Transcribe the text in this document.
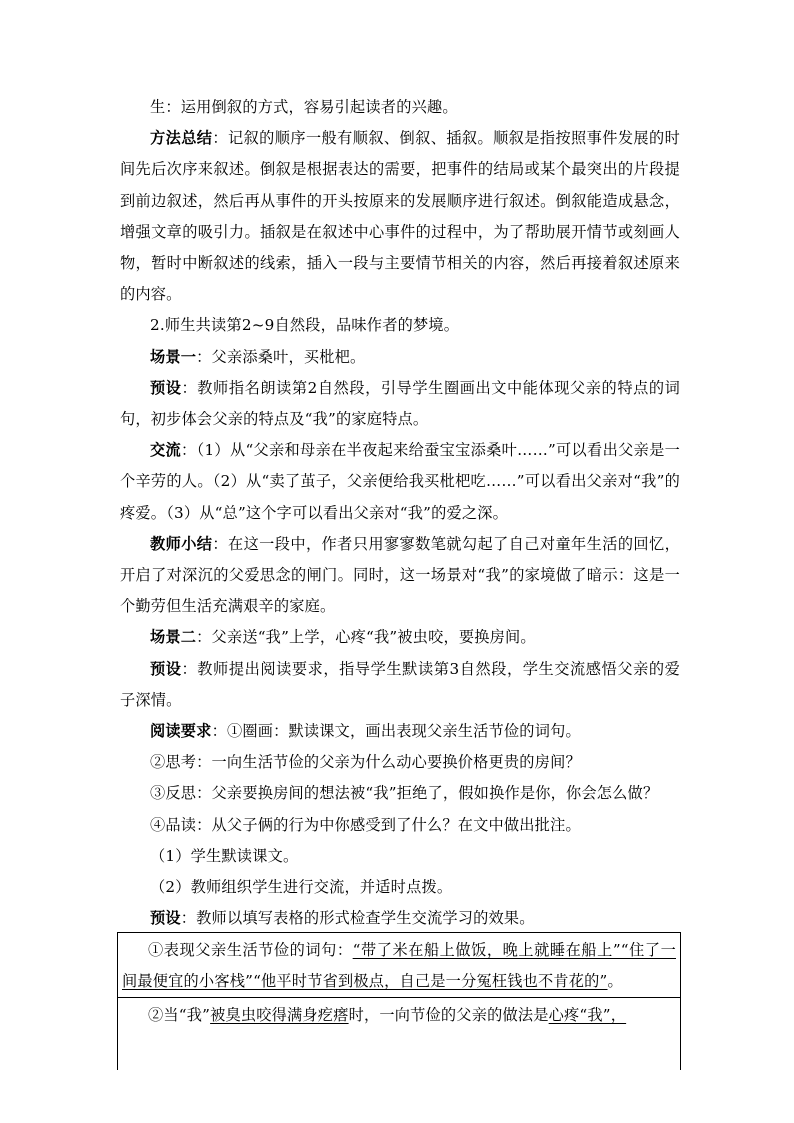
生：运用倒叙的方式，容易引起读者的兴趣。

方法总结：记叙的顺序一般有顺叙、倒叙、插叙。顺叙是指按照事件发展的时间先后次序来叙述。倒叙是根据表达的需要，把事件的结局或某个最突出的片段提到前边叙述，然后再从事件的开头按原来的发展顺序进行叙述。倒叙能造成悬念，增强文章的吸引力。插叙是在叙述中心事件的过程中，为了帮助展开情节或刻画人物，暂时中断叙述的线索，插入一段与主要情节相关的内容，然后再接着叙述原来的内容。

2.师生共读第2~9自然段，品味作者的梦境。

场景一：父亲添桑叶，买枇杷。

预设：教师指名朗读第2自然段，引导学生圈画出文中能体现父亲的特点的词句，初步体会父亲的特点及“我”的家庭特点。

交流：（1）从“父亲和母亲在半夜起来给蚕宝宝添桑叶……”可以看出父亲是一个辛劳的人。（2）从“卖了茧子，父亲便给我买枇杷吃……”可以看出父亲对“我”的疼爱。（3）从“总”这个字可以看出父亲对“我”的爱之深。

教师小结：在这一段中，作者只用寥寥数笔就勾起了自己对童年生活的回忆，开启了对深沉的父爱思念的闸门。同时，这一场景对“我”的家境做了暗示：这是一个勤劳但生活充满艰辛的家庭。

场景二：父亲送“我”上学，心疼“我”被虫咬，要换房间。

预设：教师提出阅读要求，指导学生默读第3自然段，学生交流感悟父亲的爱子深情。

阅读要求：①圈画：默读课文，画出表现父亲生活节俭的词句。

②思考：一向生活节俭的父亲为什么动心要换价格更贵的房间？

③反思：父亲要换房间的想法被“我”拒绝了，假如换作是你，你会怎么做？

④品读：从父子俩的行为中你感受到了什么？在文中做出批注。

（1）学生默读课文。

（2）教师组织学生进行交流，并适时点拨。

预设：教师以填写表格的形式检查学生交流学习的效果。

①表现父亲生活节俭的词句：“带了米在船上做饭，晚上就睡在船上”“住了一间最便宜的小客栈”“他平时节省到极点，自己是一分冤枉钱也不肯花的”。
②当“我”被臭虫咬得满身疙瘩时，一向节俭的父亲的做法是心疼“我”，
